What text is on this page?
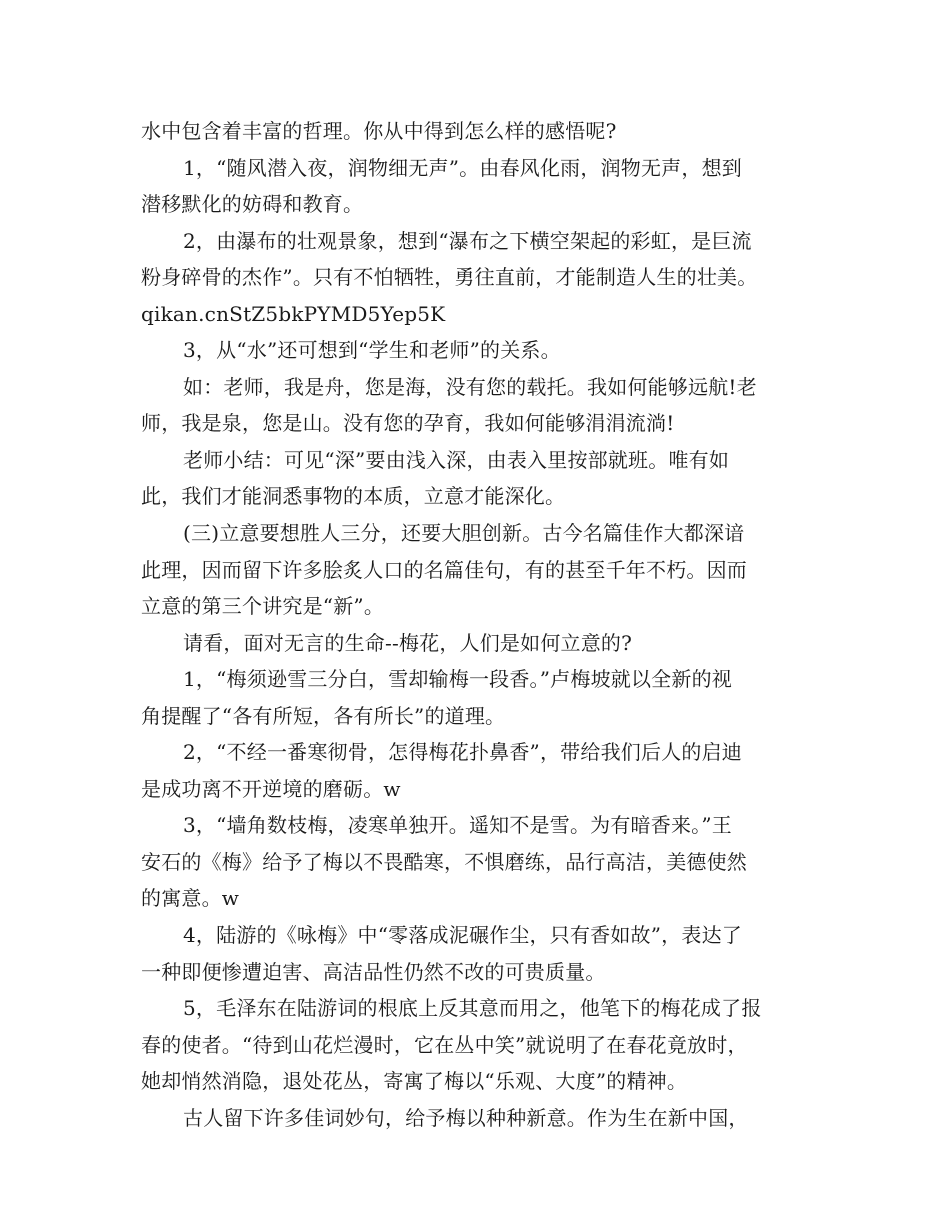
水中包含着丰富的哲理。你从中得到怎么样的感悟呢?
1，“随风潜入夜，润物细无声”。由春风化雨，润物无声，想到
潜移默化的妨碍和教育。
2，由瀑布的壮观景象，想到“瀑布之下横空架起的彩虹，是巨流
粉身碎骨的杰作”。只有不怕牺牲，勇往直前，才能制造人生的壮美。
qikan.cnStZ5bkPYMD5Yep5K
3，从“水”还可想到“学生和老师”的关系。
如：老师，我是舟，您是海，没有您的载托。我如何能够远航!老
师，我是泉，您是山。没有您的孕育，我如何能够涓涓流淌!
老师小结：可见“深”要由浅入深，由表入里按部就班。唯有如
此，我们才能洞悉事物的本质，立意才能深化。
(三)立意要想胜人三分，还要大胆创新。古今名篇佳作大都深谙
此理，因而留下许多脍炙人口的名篇佳句，有的甚至千年不朽。因而
立意的第三个讲究是“新”。
请看，面对无言的生命--梅花，人们是如何立意的?
1，“梅须逊雪三分白，雪却输梅一段香。”卢梅坡就以全新的视
角提醒了“各有所短，各有所长”的道理。
2，“不经一番寒彻骨，怎得梅花扑鼻香”，带给我们后人的启迪
是成功离不开逆境的磨砺。w
3，“墙角数枝梅，凌寒单独开。遥知不是雪。为有暗香来。”王
安石的《梅》给予了梅以不畏酷寒，不惧磨练，品行高洁，美德使然
的寓意。w
4，陆游的《咏梅》中“零落成泥碾作尘，只有香如故”，表达了
一种即便惨遭迫害、高洁品性仍然不改的可贵质量。
5，毛泽东在陆游词的根底上反其意而用之，他笔下的梅花成了报
春的使者。“待到山花烂漫时，它在丛中笑”就说明了在春花竟放时，
她却悄然消隐，退处花丛，寄寓了梅以“乐观、大度”的精神。
古人留下许多佳词妙句，给予梅以种种新意。作为生在新中国，
